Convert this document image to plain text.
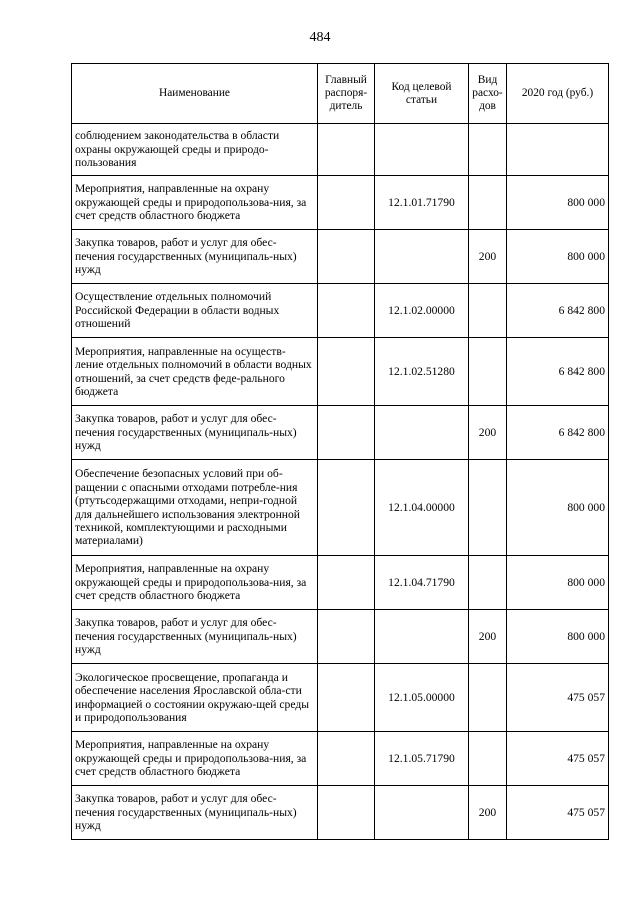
484
Наименование	Главный распоря-дитель	Код целевой статьи	Вид расхо-дов	2020 год (руб.)
соблюдением законодательства в области охраны окружающей среды и природо-пользования				
Мероприятия, направленные на охрану окружающей среды и природопользова-ния, за счет средств областного бюджета		12.1.01.71790		800 000
Закупка товаров, работ и услуг для обес-печения государственных (муниципаль-ных) нужд			200	800 000
Осуществление отдельных полномочий Российской Федерации в области водных отношений		12.1.02.00000		6 842 800
Мероприятия, направленные на осуществ-ление отдельных полномочий в области водных отношений, за счет средств феде-рального бюджета		12.1.02.51280		6 842 800
Закупка товаров, работ и услуг для обес-печения государственных (муниципаль-ных) нужд			200	6 842 800
Обеспечение безопасных условий при об-ращении с опасными отходами потребле-ния (ртутьсодержащими отходами, непри-годной для дальнейшего использования электронной техникой, комплектующими и расходными материалами)		12.1.04.00000		800 000
Мероприятия, направленные на охрану окружающей среды и природопользова-ния, за счет средств областного бюджета		12.1.04.71790		800 000
Закупка товаров, работ и услуг для обес-печения государственных (муниципаль-ных) нужд			200	800 000
Экологическое просвещение, пропаганда и обеспечение населения Ярославской обла-сти информацией о состоянии окружаю-щей среды и природопользования		12.1.05.00000		475 057
Мероприятия, направленные на охрану окружающей среды и природопользова-ния, за счет средств областного бюджета		12.1.05.71790		475 057
Закупка товаров, работ и услуг для обес-печения государственных (муниципаль-ных) нужд			200	475 057
